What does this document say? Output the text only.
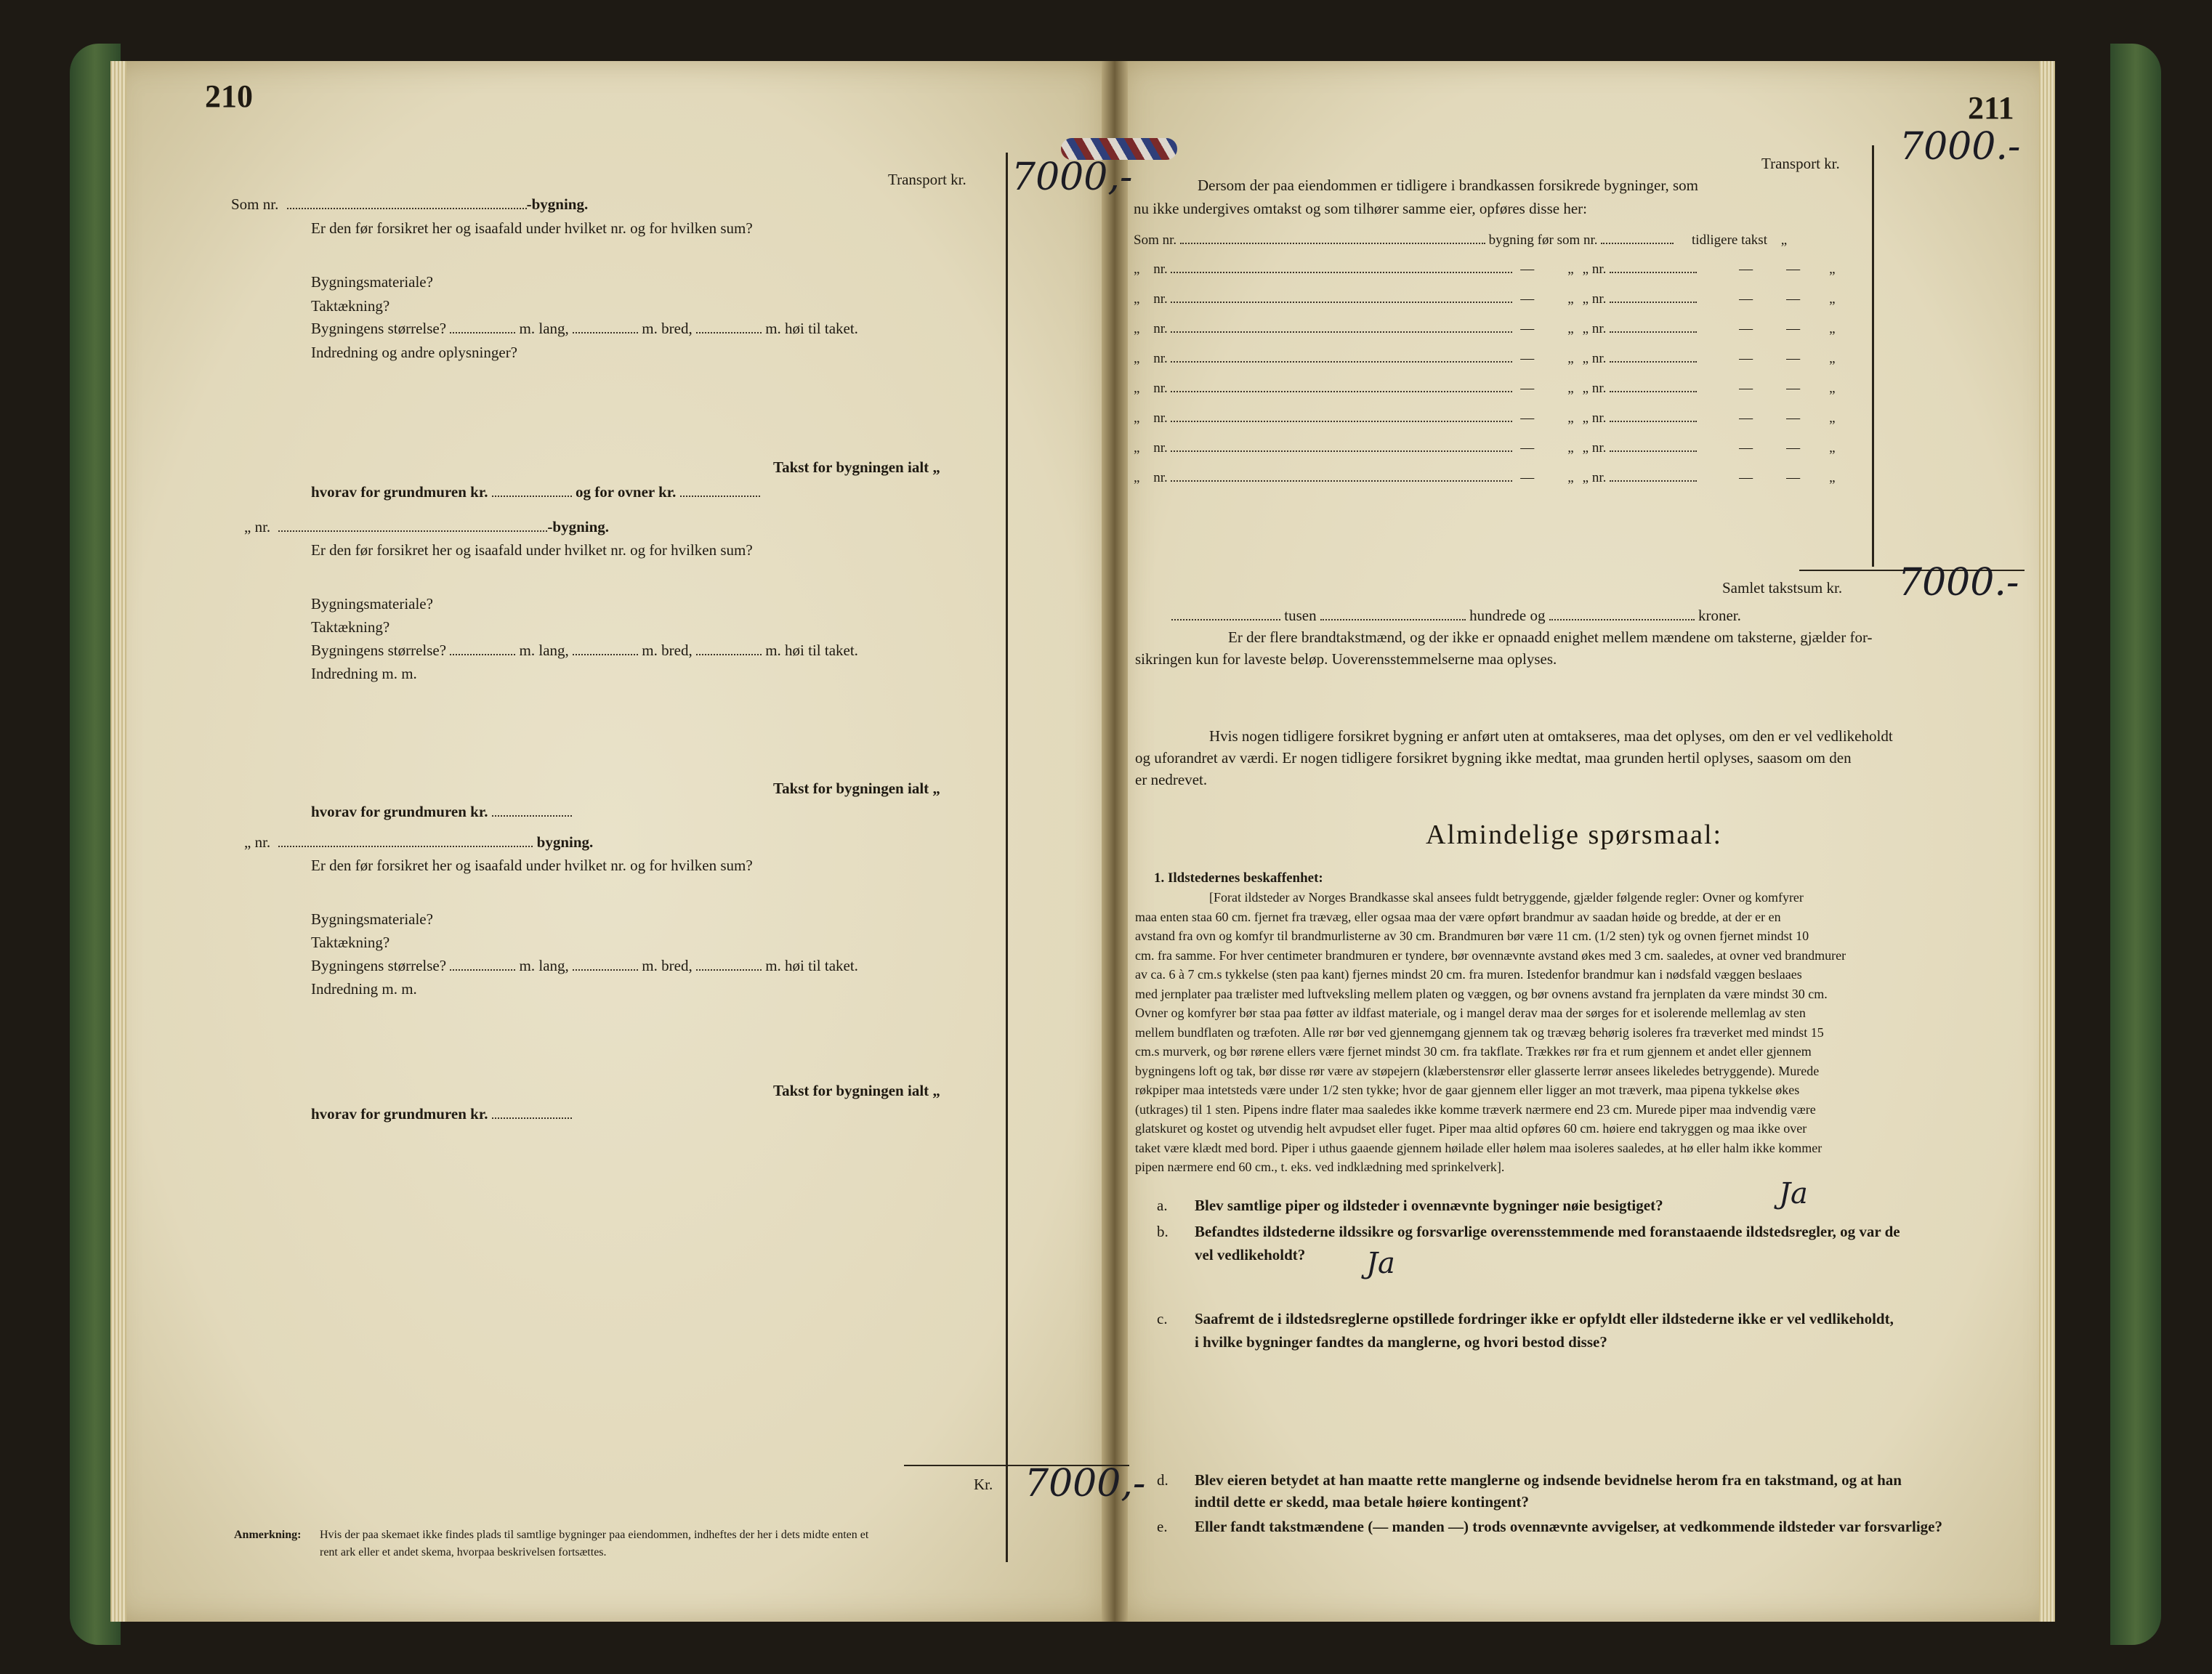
210
Transport kr. 7000,-
Som nr.	-bygning.
Er den før forsikret her og isaafald under hvilket nr. og for hvilken sum?
Bygningsmateriale?
Taktækning?
Bygningens størrelse?	m. lang,	m. bred,	m. høi til taket.
Indredning og andre oplysninger?
Takst for bygningen ialt „
hvorav for grundmuren kr.	og for ovner kr.
„ nr.	-bygning.
Er den før forsikret her og isaafald under hvilket nr. og for hvilken sum?
Bygningsmateriale?
Taktækning?
Bygningens størrelse?	m. lang,	m. bred,	m. høi til taket.
Indredning m. m.
Takst for bygningen ialt „
hvorav for grundmuren kr.
„ nr.	bygning.
Er den før forsikret her og isaafald under hvilket nr. og for hvilken sum?
Bygningsmateriale?
Taktækning?
Bygningens størrelse?	m. lang,	m. bred,	m. høi til taket.
Indredning m. m.
Takst for bygningen ialt „
hvorav for grundmuren kr.
Kr. 7000,-
Anmerkning: Hvis der paa skemaet ikke findes plads til samtlige bygninger paa eiendommen, indheftes der her i dets midte enten et
rent ark eller et andet skema, hvorpaa beskrivelsen fortsættes.
211
Transport kr. 7000.-
Dersom der paa eiendommen er tidligere i brandkassen forsikrede bygninger, som
nu ikke undergives omtakst og som tilhører samme eier, opføres disse her:
Som nr.	bygning før som nr.	tidligere takst „
„ nr.	— „ „ nr.	— — „
„ nr.	— „ „ nr.	— — „
„ nr.	— „ „ nr.	— — „
„ nr.	— „ „ nr.	— — „
„ nr.	— „ „ nr.	— — „
„ nr.	— „ „ nr.	— — „
„ nr.	— „ „ nr.	— — „
„ nr.	— „ „ nr.	— — „
Samlet takstsum kr. 7000.-
tusen	hundrede og	kroner.
Er der flere brandtakstmænd, og der ikke er opnaadd enighet mellem mændene om taksterne, gjælder for-
sikringen kun for laveste beløp. Uoverensstemmelserne maa oplyses.
Hvis nogen tidligere forsikret bygning er anført uten at omtakseres, maa det oplyses, om den er vel vedlikeholdt
og uforandret av værdi. Er nogen tidligere forsikret bygning ikke medtat, maa grunden hertil oplyses, saasom om den
er nedrevet.
Almindelige spørsmaal:
1. Ildstedernes beskaffenhet:
[Forat ildsteder av Norges Brandkasse skal ansees fuldt betryggende, gjælder følgende regler: Ovner og komfyrer
maa enten staa 60 cm. fjernet fra trævæg, eller ogsaa maa der være opført brandmur av saadan høide og bredde, at der er en
avstand fra ovn og komfyr til brandmurlisterne av 30 cm. Brandmuren bør være 11 cm. (1/2 sten) tyk og ovnen fjernet mindst 10
cm. fra samme. For hver centimeter brandmuren er tyndere, bør ovennævnte avstand økes med 3 cm. saaledes, at ovner ved brandmurer
av ca. 6 à 7 cm.s tykkelse (sten paa kant) fjernes mindst 20 cm. fra muren. Istedenfor brandmur kan i nødsfald væggen beslaaes
med jernplater paa trælister med luftveksling mellem platen og væggen, og bør ovnens avstand fra jernplaten da være mindst 30 cm.
Ovner og komfyrer bør staa paa føtter av ildfast materiale, og i mangel derav maa der sørges for et isolerende mellemlag av sten
mellem bundflaten og træfoten. Alle rør bør ved gjennemgang gjennem tak og trævæg behørig isoleres fra træverket med mindst 15
cm.s murverk, og bør rørene ellers være fjernet mindst 30 cm. fra takflate. Trækkes rør fra et rum gjennem et andet eller gjennem
bygningens loft og tak, bør disse rør være av støpejern (klæberstensrør eller glasserte lerrør ansees likeledes betryggende). Murede
røkpiper maa intetsteds være under 1/2 sten tykke; hvor de gaar gjennem eller ligger an mot træverk, maa pipena tykkelse økes
(utkrages) til 1 sten. Pipens indre flater maa saaledes ikke komme træverk nærmere end 23 cm. Murede piper maa indvendig være
glatskuret og kostet og utvendig helt avpudset eller fuget. Piper maa altid opføres 60 cm. høiere end takryggen og maa ikke over
taket være klædt med bord. Piper i uthus gaaende gjennem høilade eller hølem maa isoleres saaledes, at hø eller halm ikke kommer
pipen nærmere end 60 cm., t. eks. ved indklædning med sprinkelverk].
a. Blev samtlige piper og ildsteder i ovennævnte bygninger nøie besigtiget?	Ja
b. Befandtes ildstederne ildssikre og forsvarlige overensstemmende med foranstaaende ildstedsregler, og var de
vel vedlikeholdt? Ja
c. Saafremt de i ildstedsreglerne opstillede fordringer ikke er opfyldt eller ildstederne ikke er vel vedlikeholdt,
i hvilke bygninger fandtes da manglerne, og hvori bestod disse?
d. Blev eieren betydet at han maatte rette manglerne og indsende bevidnelse herom fra en takstmand, og at han
indtil dette er skedd, maa betale høiere kontingent?
e. Eller fandt takstmændene (— manden —) trods ovennævnte avvigelser, at vedkommende ildsteder var forsvarlige?
